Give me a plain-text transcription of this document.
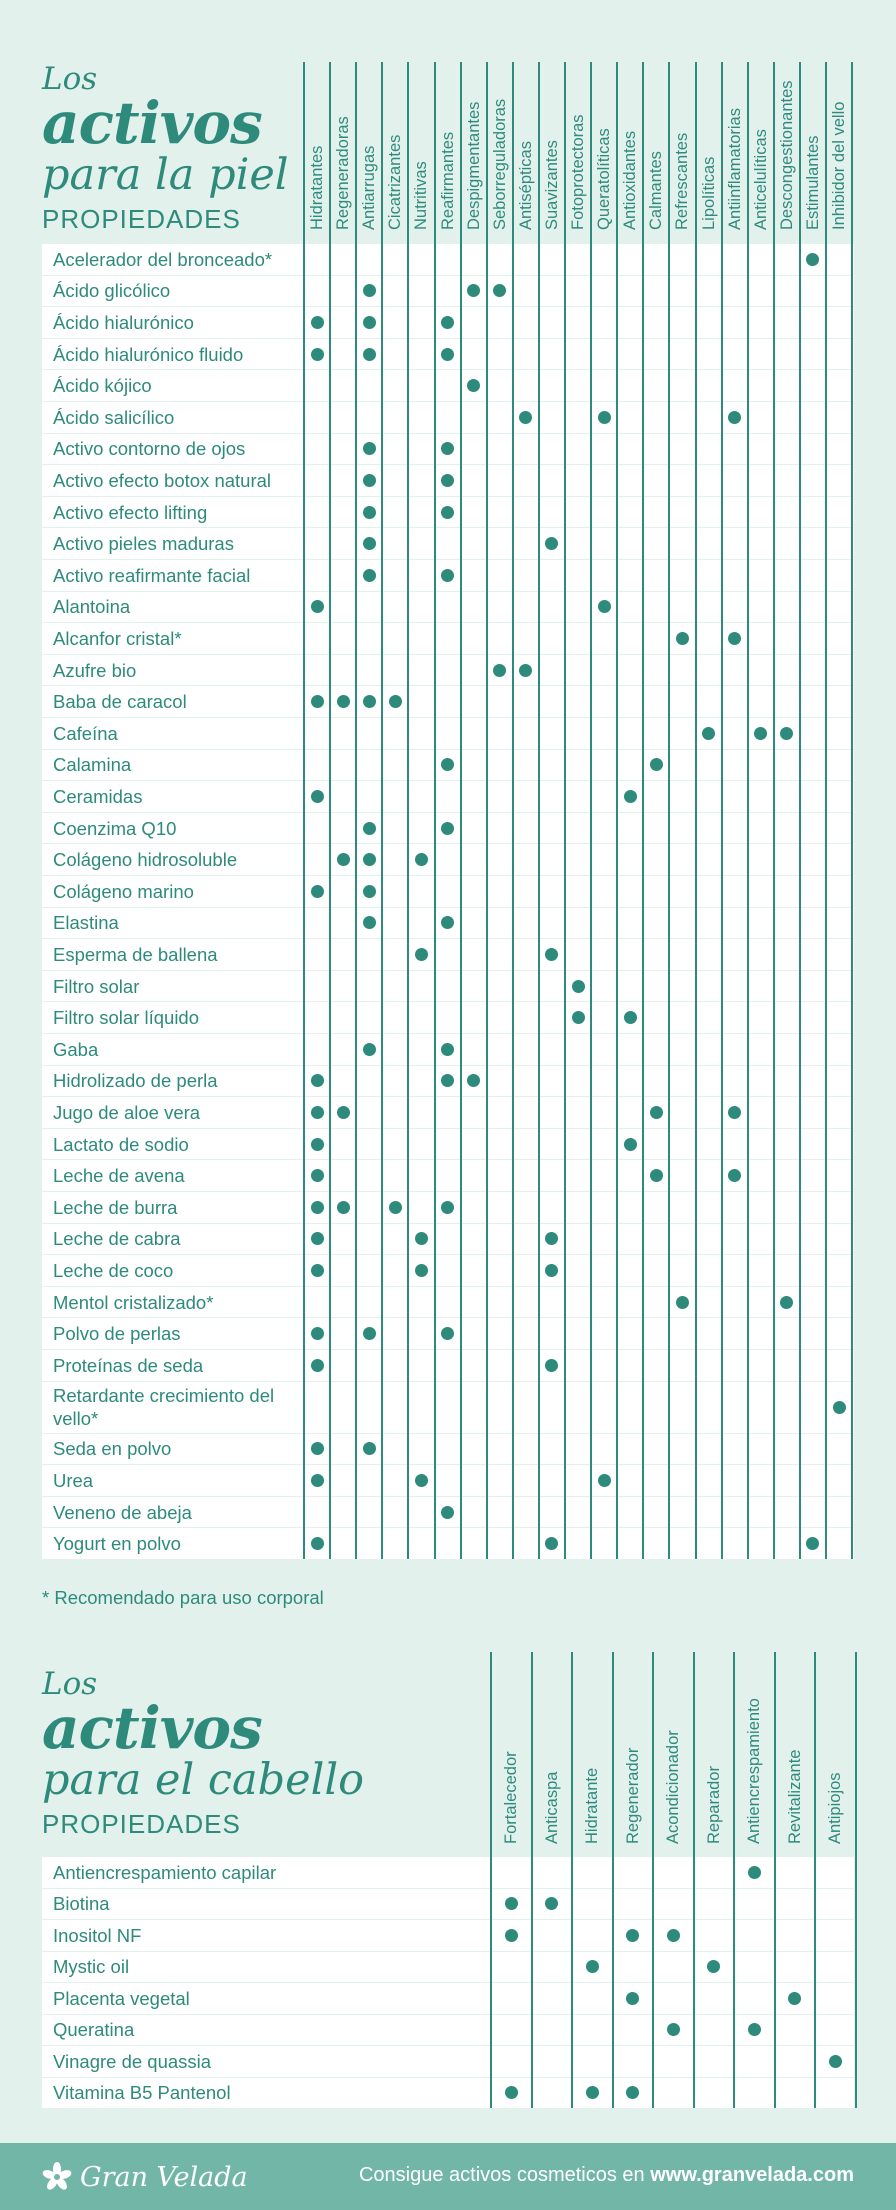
Los
activos
para la piel
PROPIEDADES
Acelerador del bronceado*
Ácido glicólico
Ácido hialurónico
Ácido hialurónico fluido
Ácido kójico
Ácido salicílico
Activo contorno de ojos
Activo efecto botox natural
Activo efecto lifting
Activo pieles maduras
Activo reafirmante facial
Alantoina
Alcanfor cristal*
Azufre bio
Baba de caracol
Cafeína
Calamina
Ceramidas
Coenzima Q10
Colágeno hidrosoluble
Colágeno marino
Elastina
Esperma de ballena
Filtro solar
Filtro solar líquido
Gaba
Hidrolizado de perla
Jugo de aloe vera
Lactato de sodio
Leche de avena
Leche de burra
Leche de cabra
Leche de coco
Mentol cristalizado*
Polvo de perlas
Proteínas de seda
Retardante crecimiento del vello*
Seda en polvo
Urea
Veneno de abeja
Yogurt en polvo
Hidratantes Regeneradoras Antiarrugas Cicatrizantes Nutritivas Reafirmantes Despigmentantes Seborreguladoras Antisépticas Suavizantes Fotoprotectoras Queratolíticas Antioxidantes Calmantes Refrescantes Lipolíticas Antiinflamatorias Anticelulíticas Descongestionantes Estimulantes Inhibidor del vello
* Recomendado para uso corporal
Los
activos
para el cabello
PROPIEDADES
Antiencrespamiento capilar
Biotina
Inositol NF
Mystic oil
Placenta vegetal
Queratina
Vinagre de quassia
Vitamina B5 Pantenol
Fortalecedor Anticaspa Hidratante Regenerador Acondicionador Reparador Antiencrespamiento Revitalizante Antipiojos
Gran Velada	Consigue activos cosmeticos en www.granvelada.com
